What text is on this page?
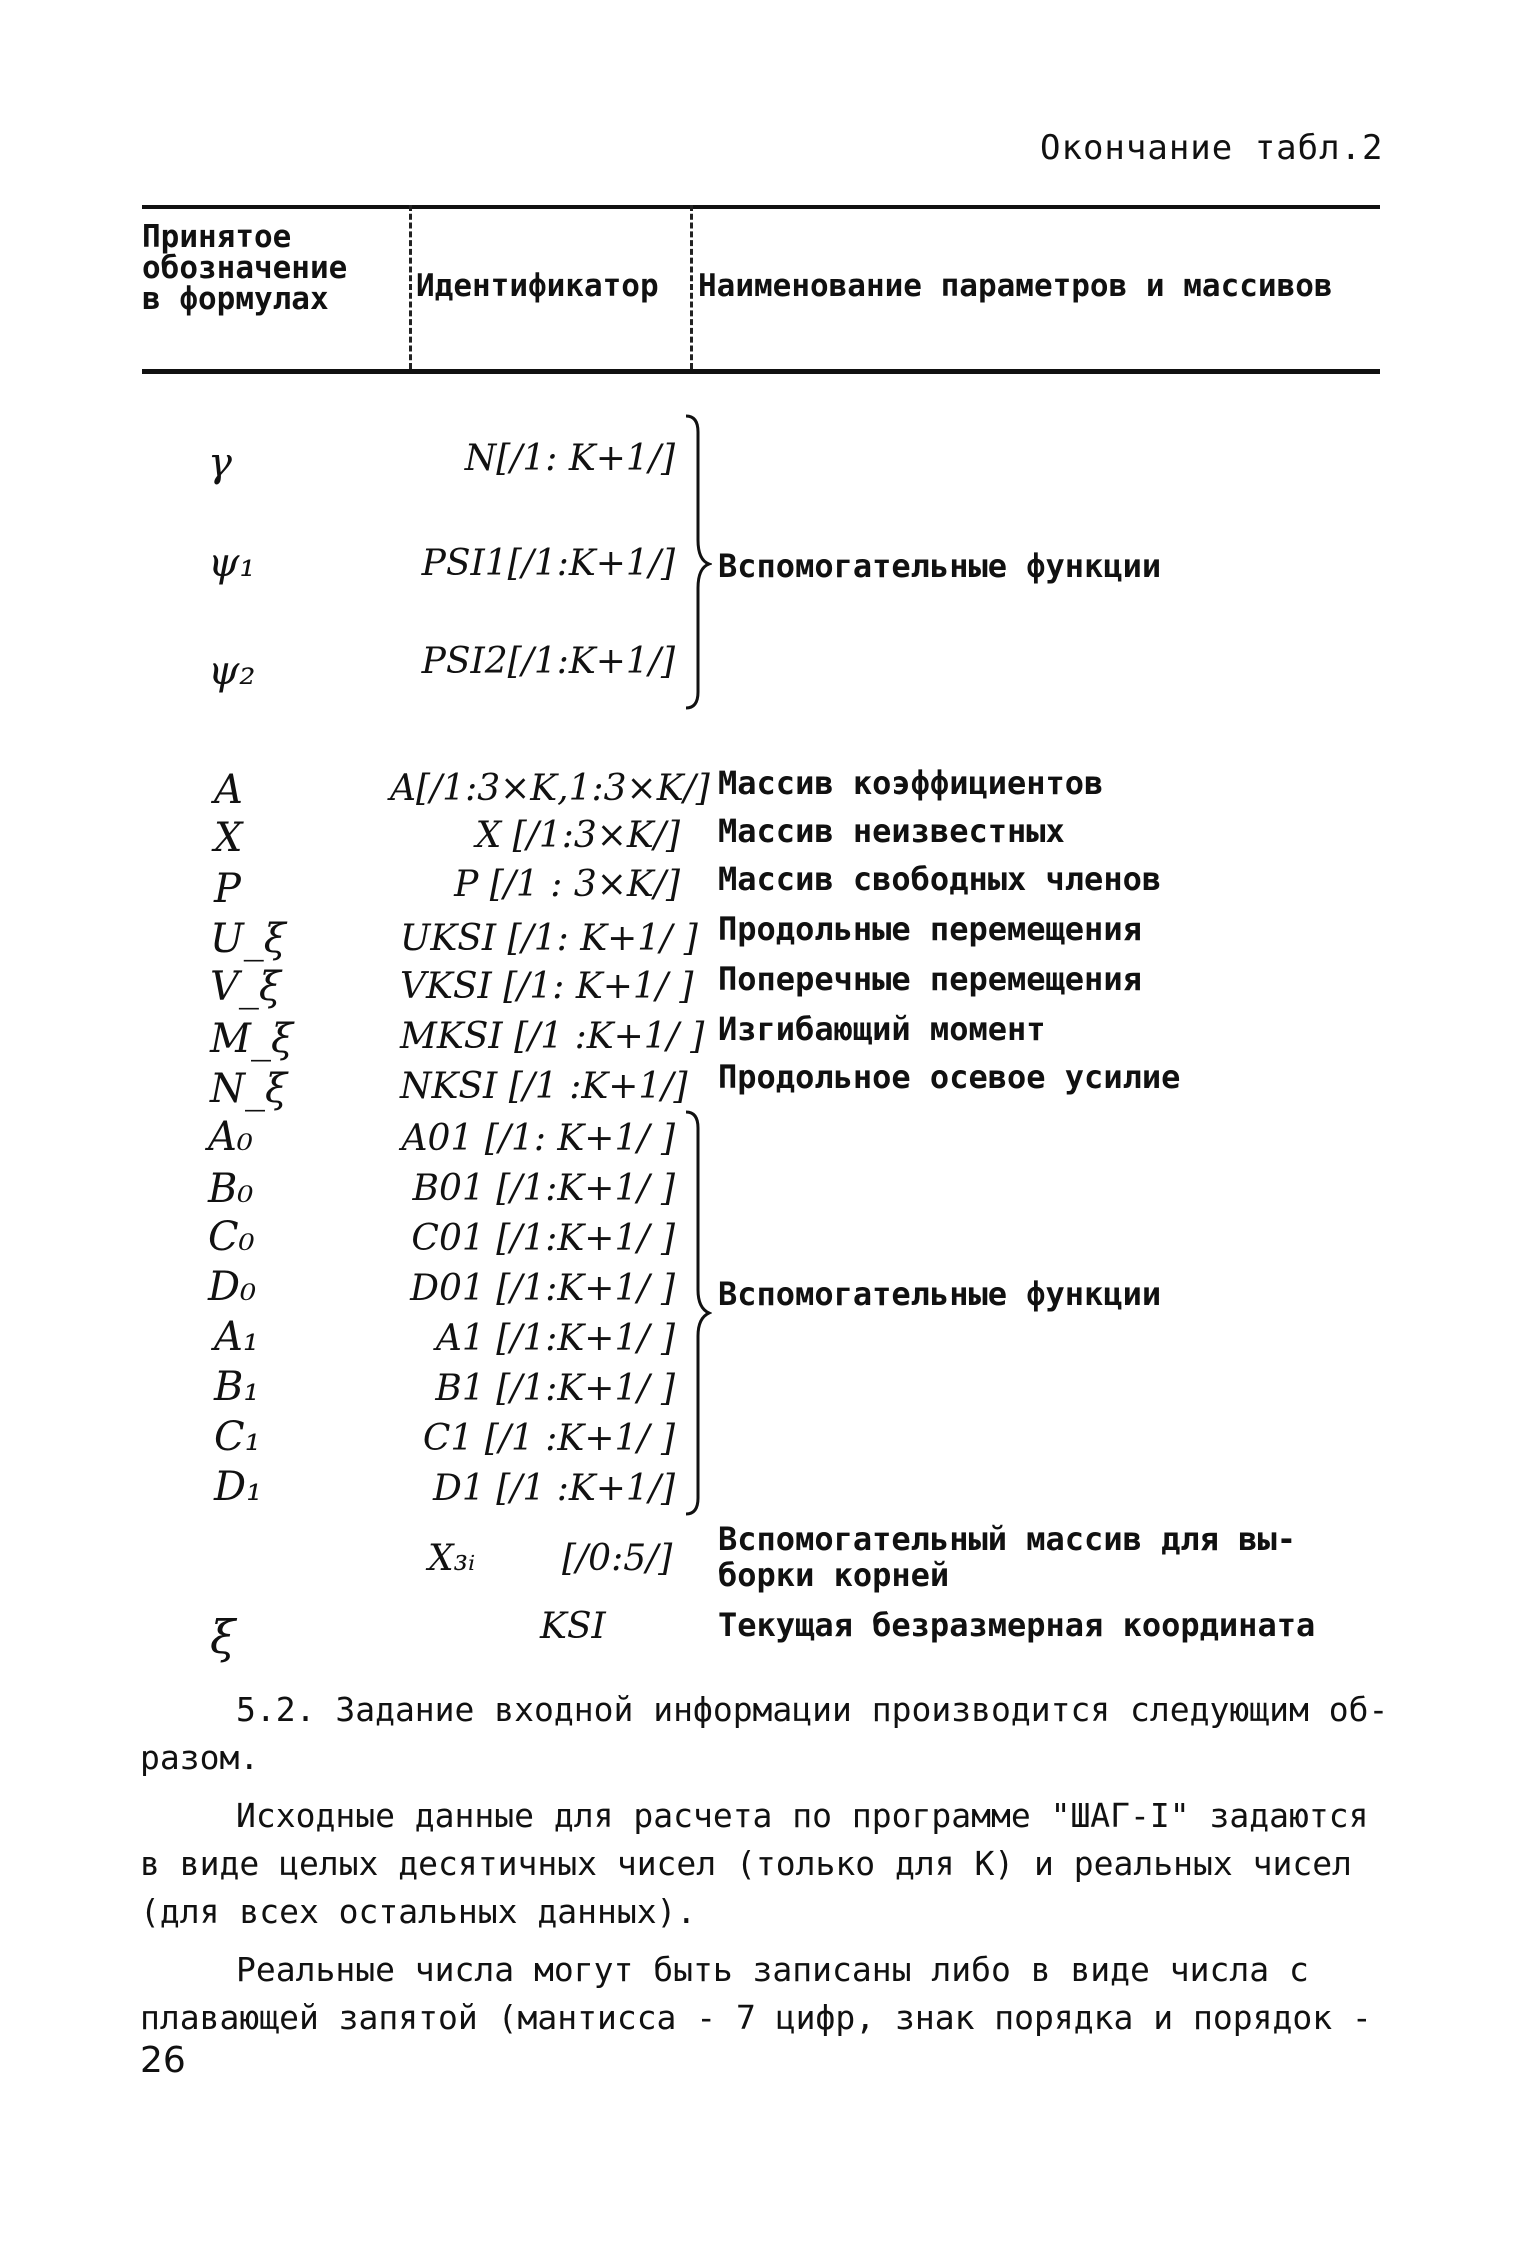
Окончание табл.2
Принятое обозначение в формулах	Идентификатор Наименование параметров и массивов
γ	N[/1: K+1/]
ψ₁	PSI1[/1:K+1/]
ψ₂	PSI2[/1:K+1/]
Вспомогательные функции
A	A[/1:3×K,1:3×K/] Массив коэффициентов
X	X [/1:3×K/] Массив неизвестных
P	P [/1 : 3×K/] Массив свободных членов
U_ξ	UKSI [/1: K+1/ ] Продольные перемещения
V_ξ	VKSI [/1: K+1/ ] Поперечные перемещения
M_ξ	MKSI [/1 :K+1/ ] Изгибающий момент
N_ξ	NKSI [/1 :K+1/] Продольное осевое усилие
A₀	A01 [/1: K+1/ ]
B₀	B01 [/1:K+1/ ]
C₀	C01 [/1:K+1/ ]
D₀	D01 [/1:K+1/ ]
A₁	A1 [/1:K+1/ ]
B₁	B1 [/1:K+1/ ]
C₁	C1 [/1 :K+1/ ]
D₁	D1 [/1 :K+1/]
Вспомогательные функции
X₃ᵢ [/0:5/] Вспомогательный массив для вы-
борки корней
ξ	KSI	Текущая безразмерная координата
5.2. Задание входной информации производится следующим об-
разом.
Исходные данные для расчета по программе "ШАГ-I" задаются
в виде целых десятичных чисел (только для К) и реальных чисел
(для всех остальных данных).
Реальные числа могут быть записаны либо в виде числа с
плавающей запятой (мантисса - 7 цифр, знак порядка и порядок -
26
